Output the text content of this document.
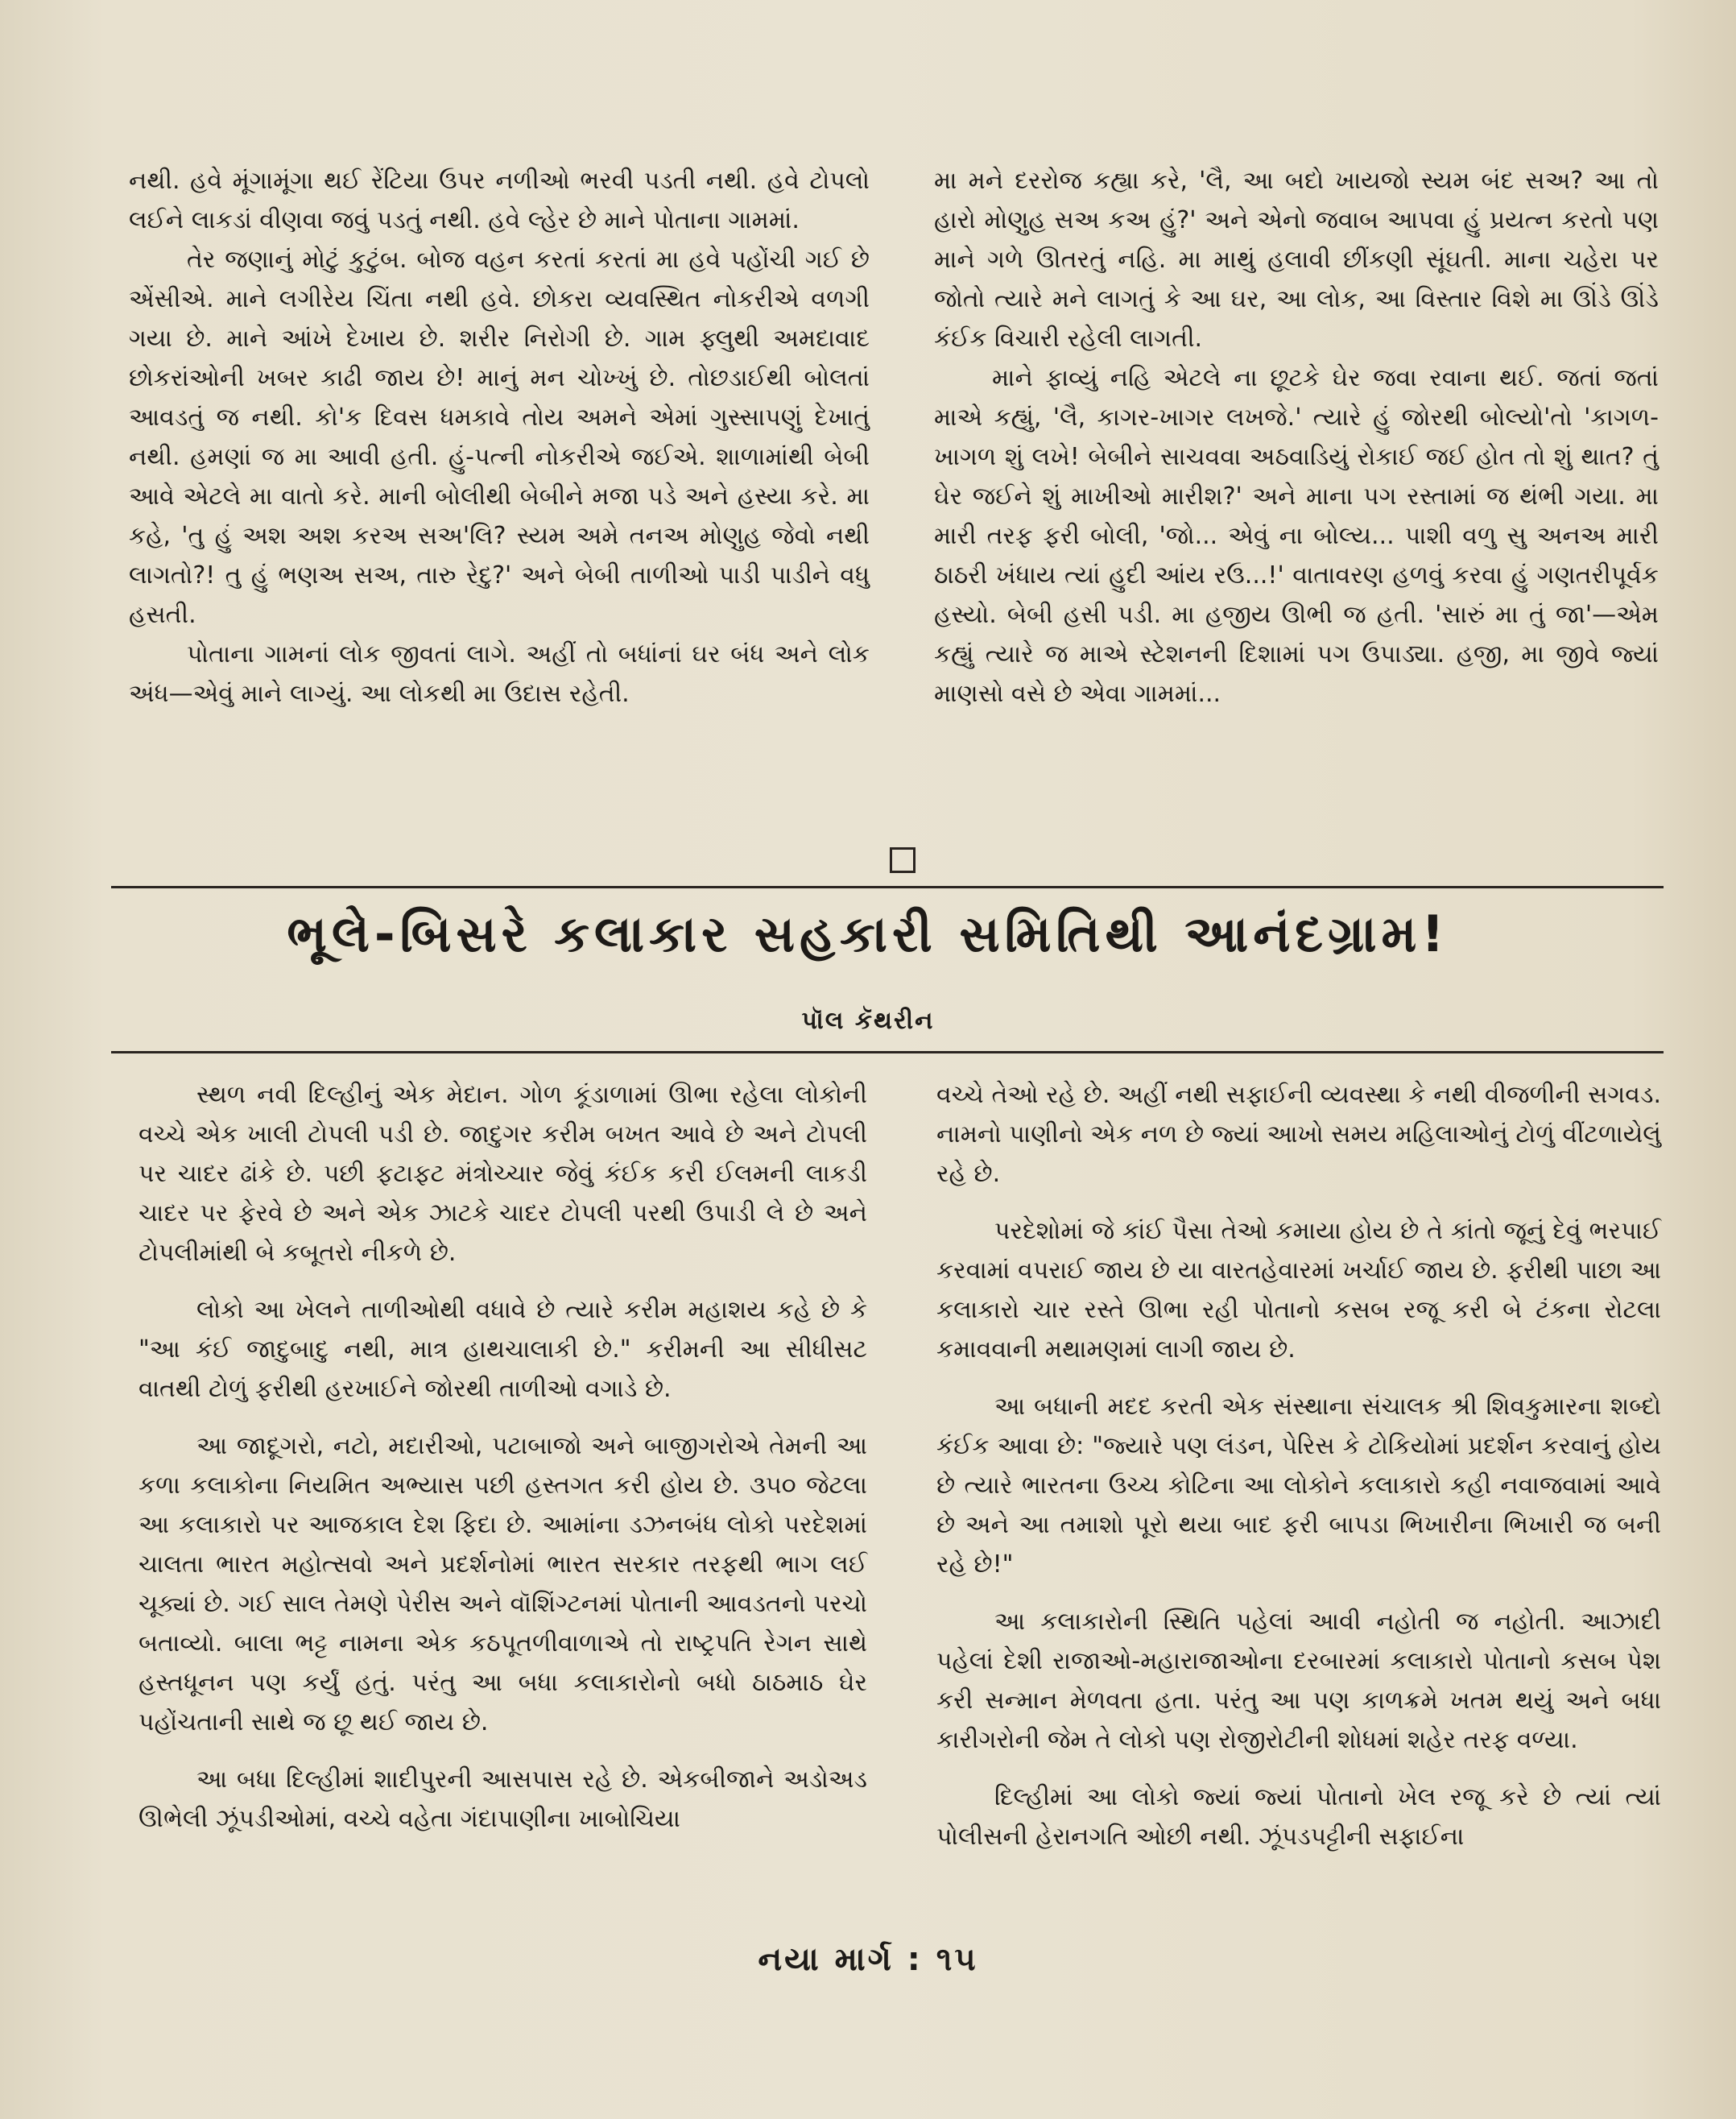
નથી. હવે મૂંગામૂંગા થઈ રેંટિયા ઉપર નળીઓ ભરવી પડતી નથી. હવે ટોપલો લઈને લાકડાં વીણવા જવું પડતું નથી. હવે લ્હેર છે માને પોતાના ગામમાં.

તેર જણાનું મોટું કુટુંબ. બોજ વહન કરતાં કરતાં મા હવે પહોંચી ગઈ છે એંસીએ. માને લગીરેય ચિંતા નથી હવે. છોકરા વ્યવસ્થિત નોકરીએ વળગી ગયા છે. માને આંખે દેખાય છે. શરીર નિરોગી છે. ગામ ફ્લુથી અમદાવાદ છોકરાંઓની ખબર કાઢી જાય છે! માનું મન ચોખ્ખું છે. તોછડાઈથી બોલતાં આવડતું જ નથી. કો'ક દિવસ ધમકાવે તોય અમને એમાં ગુસ્સાપણું દેખાતું નથી. હમણાં જ મા આવી હતી. હું-પત્ની નોકરીએ જઈએ. શાળામાંથી બેબી આવે એટલે મા વાતો કરે. માની બોલીથી બેબીને મજા પડે અને હસ્યા કરે. મા કહે, 'તુ હું અશ અશ કરઅ સઅ'લિ? સ્યમ અમે તનઅ મોણુહ જેવો નથી લાગતો?! તુ હું ભણઅ સઅ, તારુ રેદુ?' અને બેબી તાળીઓ પાડી પાડીને વધુ હસતી.

પોતાના ગામનાં લોક જીવતાં લાગે. અહીં તો બધાંનાં ઘર બંધ અને લોક અંધ—એવું માને લાગ્યું. આ લોકથી મા ઉદાસ રહેતી.

મા મને દરરોજ કહ્યા કરે, 'લૈ, આ બદો ખાયજો સ્યમ બંદ સઅ? આ તો હારો મોણુહ સઅ કઅ હું?' અને એનો જવાબ આપવા હું પ્રયત્ન કરતો પણ માને ગળે ઊતરતું નહિ. મા માથું હલાવી છીંકણી સૂંઘતી. માના ચહેરા પર જોતો ત્યારે મને લાગતું કે આ ઘર, આ લોક, આ વિસ્તાર વિશે મા ઊંડે ઊંડે કંઈક વિચારી રહેલી લાગતી.

માને ફાવ્યું નહિ એટલે ના છૂટકે ઘેર જવા રવાના થઈ. જતાં જતાં માએ કહ્યું, 'લૈ, કાગર-ખાગર લખજે.' ત્યારે હું જોરથી બોલ્યો'તો 'કાગળ-ખાગળ શું લખે! બેબીને સાચવવા અઠવાડિયું રોકાઈ જઈ હોત તો શું થાત? તું ઘેર જઈને શું માખીઓ મારીશ?' અને માના પગ રસ્તામાં જ થંભી ગયા. મા મારી તરફ ફરી બોલી, 'જો... એવું ના બોલ્ય... પાશી વળુ સુ અનઅ મારી ઠાઠરી ખંધાય ત્યાં હુદી આંય રઉ...!' વાતાવરણ હળવું કરવા હું ગણતરીપૂર્વક હસ્યો. બેબી હસી પડી. મા હજીય ઊભી જ હતી. 'સારું મા તું જા'—એમ કહ્યું ત્યારે જ માએ સ્ટેશનની દિશામાં પગ ઉપાડ્યા. હજી, મા જીવે જ્યાં માણસો વસે છે એવા ગામમાં...

ભૂલે-બિસરે કલાકાર સહકારી સમિતિથી આનંદગ્રામ!
પૉલ કૅથરીન

સ્થળ નવી દિલ્હીનું એક મેદાન. ગોળ કૂંડાળામાં ઊભા રહેલા લોકોની વચ્ચે એક ખાલી ટોપલી પડી છે. જાદુગર કરીમ બખત આવે છે અને ટોપલી પર ચાદર ઢાંકે છે. પછી ફટાફટ મંત્રોચ્ચાર જેવું કંઈક કરી ઈલમની લાકડી ચાદર પર ફેરવે છે અને એક ઝાટકે ચાદર ટોપલી પરથી ઉપાડી લે છે અને ટોપલીમાંથી બે કબૂતરો નીકળે છે.

લોકો આ ખેલને તાળીઓથી વધાવે છે ત્યારે કરીમ મહાશય કહે છે કે "આ કંઈ જાદુબાદુ નથી, માત્ર હાથચાલાકી છે." કરીમની આ સીધીસટ વાતથી ટોળું ફરીથી હરખાઈને જોરથી તાળીઓ વગાડે છે.

આ જાદૂગરો, નટો, મદારીઓ, પટાબાજો અને બાજીગરોએ તેમની આ કળા કલાકોના નિયમિત અભ્યાસ પછી હસ્તગત કરી હોય છે. ૩૫૦ જેટલા આ કલાકારો પર આજકાલ દેશ ફિદા છે. આમાંના ડઝનબંધ લોકો પરદેશમાં ચાલતા ભારત મહોત્સવો અને પ્રદર્શનોમાં ભારત સરકાર તરફથી ભાગ લઈ ચૂક્યાં છે. ગઈ સાલ તેમણે પેરીસ અને વૉશિંગ્ટનમાં પોતાની આવડતનો પરચો બતાવ્યો. બાલા ભટ્ટ નામના એક કઠપૂતળીવાળાએ તો રાષ્ટ્રપતિ રેગન સાથે હસ્તધૂનન પણ કર્યું હતું. પરંતુ આ બધા કલાકારોનો બધો ઠાઠમાઠ ઘેર પહોંચતાની સાથે જ છૂ થઈ જાય છે.

આ બધા દિલ્હીમાં શાદીપુરની આસપાસ રહે છે. એકબીજાને અડોઅડ ઊભેલી ઝૂંપડીઓમાં, વચ્ચે વહેતા ગંદાપાણીના ખાબોચિયા

વચ્ચે તેઓ રહે છે. અહીં નથી સફાઈની વ્યવસ્થા કે નથી વીજળીની સગવડ. નામનો પાણીનો એક નળ છે જ્યાં આખો સમય મહિલાઓનું ટોળું વીંટળાયેલું રહે છે.

પરદેશોમાં જે કાંઈ પૈસા તેઓ કમાયા હોય છે તે કાંતો જૂનું દેવું ભરપાઈ કરવામાં વપરાઈ જાય છે યા વારતહેવારમાં ખર્ચાઈ જાય છે. ફરીથી પાછા આ કલાકારો ચાર રસ્તે ઊભા રહી પોતાનો કસબ રજૂ કરી બે ટંકના રોટલા કમાવવાની મથામણમાં લાગી જાય છે.

આ બધાની મદદ કરતી એક સંસ્થાના સંચાલક શ્રી શિવકુમારના શબ્દો કંઈક આવા છે: "જ્યારે પણ લંડન, પેરિસ કે ટોકિયોમાં પ્રદર્શન કરવાનું હોય છે ત્યારે ભારતના ઉચ્ચ કોટિના આ લોકોને કલાકારો કહી નવાજવામાં આવે છે અને આ તમાશો પૂરો થયા બાદ ફરી બાપડા ભિખારીના ભિખારી જ બની રહે છે!"

આ કલાકારોની સ્થિતિ પહેલાં આવી નહોતી જ નહોતી. આઝાદી પહેલાં દેશી રાજાઓ-મહારાજાઓના દરબારમાં કલાકારો પોતાનો કસબ પેશ કરી સન્માન મેળવતા હતા. પરંતુ આ પણ કાળક્રમે ખતમ થયું અને બધા કારીગરોની જેમ તે લોકો પણ રોજીરોટીની શોધમાં શહેર તરફ વળ્યા.

દિલ્હીમાં આ લોકો જ્યાં જ્યાં પોતાનો ખેલ રજૂ કરે છે ત્યાં ત્યાં પોલીસની હેરાનગતિ ઓછી નથી. ઝૂંપડપટ્ટીની સફાઈના

નયા માર્ગ : ૧૫
